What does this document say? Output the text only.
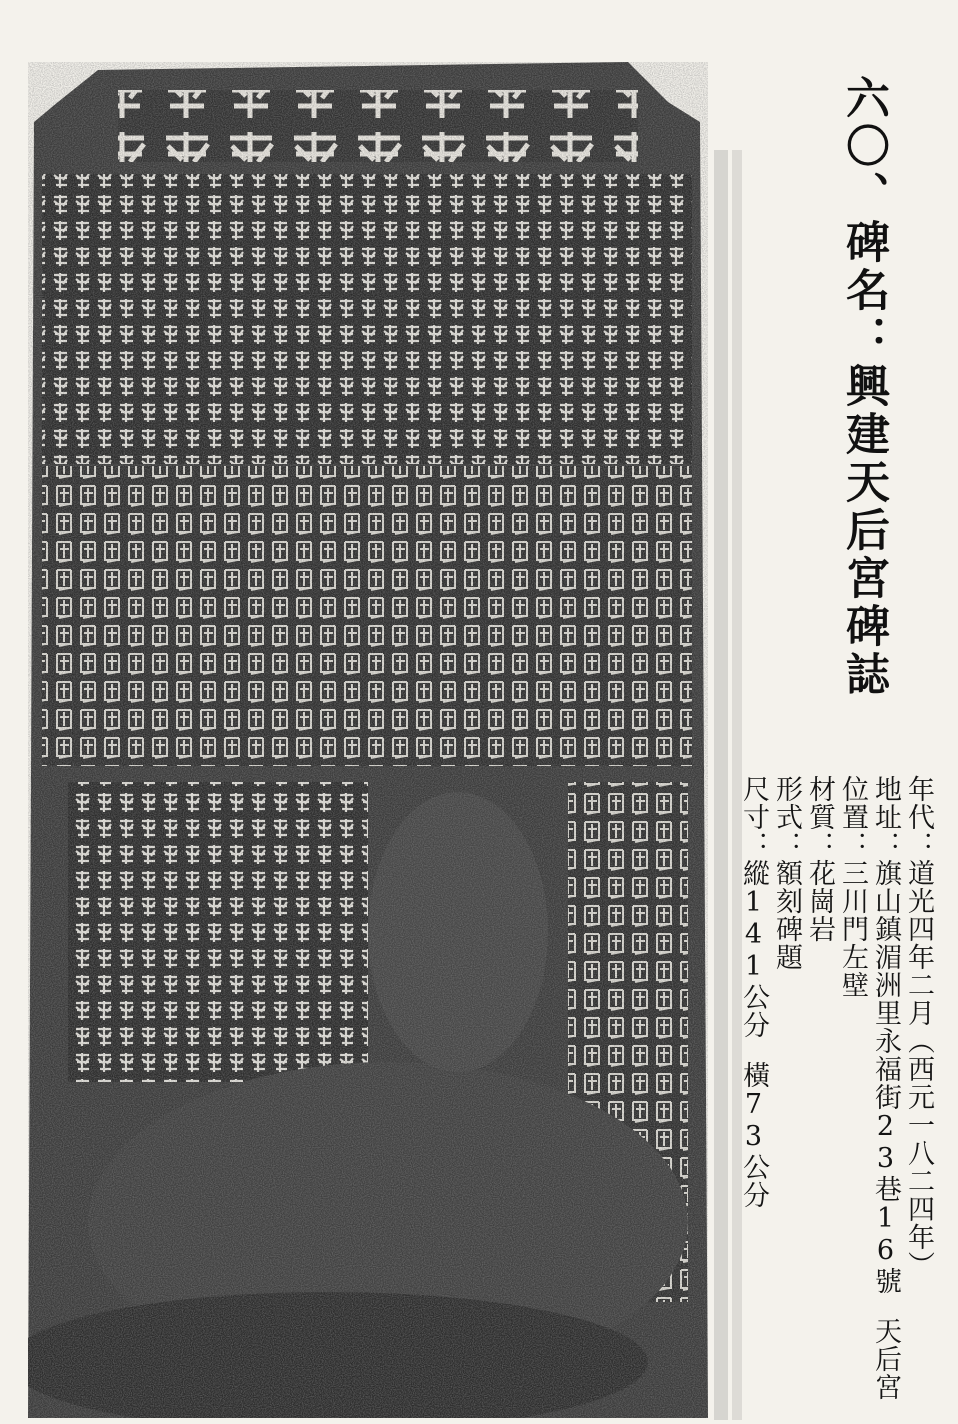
六〇、碑名：興建天后宮碑誌
年代：道光四年二月（西元一八二四年）
地址：旗山鎮湄洲里永福街23巷16號天后宮
位置：三川門左壁
材質：花崗岩
形式：額刻碑題
尺寸：縱141公分橫73公分
